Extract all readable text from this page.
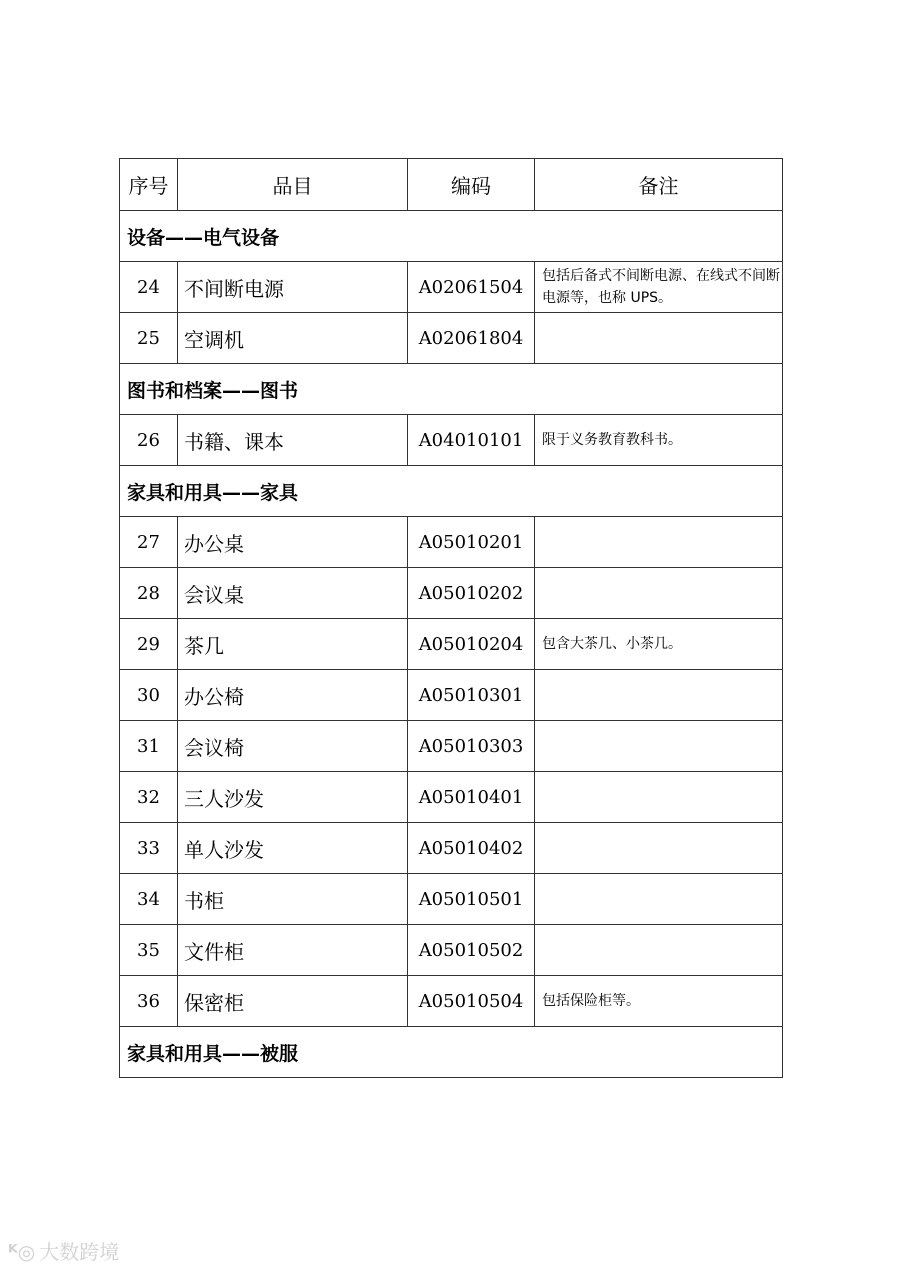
序号	品目	编码	备注
设备——电气设备			
24	不间断电源	A02061504	包括后备式不间断电源、在线式不间断电源等，也称 UPS。
25	空调机	A02061804	
图书和档案——图书			
26	书籍、课本	A04010101	限于义务教育教科书。
家具和用具——家具			
27	办公桌	A05010201	
28	会议桌	A05010202	
29	茶几	A05010204	包含大茶几、小茶几。
30	办公椅	A05010301	
31	会议椅	A05010303	
32	三人沙发	A05010401	
33	单人沙发	A05010402	
34	书柜	A05010501	
35	文件柜	A05010502	
36	保密柜	A05010504	包括保险柜等。
家具和用具——被服			
ᴷ◎ 大数跨境
